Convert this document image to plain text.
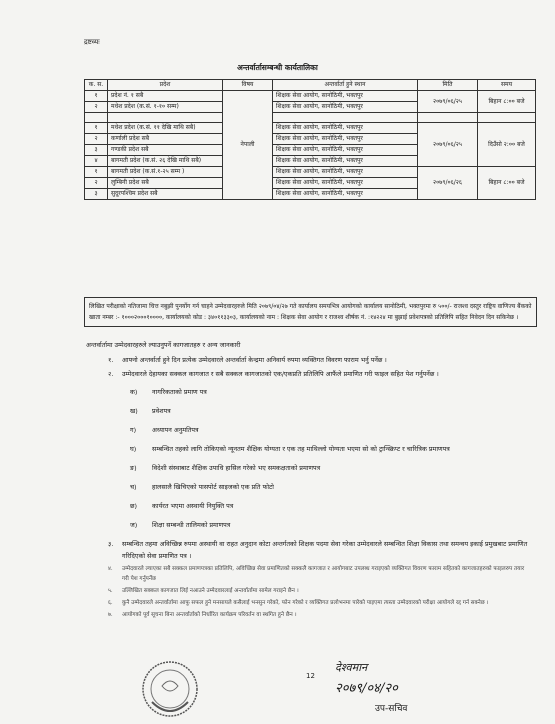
द्रष्टव्यः
अन्तर्वार्तासम्बन्धी कार्यतालिका
क. स.	प्रदेश	विषय	अन्तर्वार्ता हुने स्थान	मिति	समय
१	प्रदेश नं. १ सबै	नेपाली	शिक्षक सेवा आयोग, सानोठिमी, भक्तपुर	२०७९/०६/२५	बिहान ८:०० बजे
२	मधेश प्रदेश (क.सं. १-१० सम्म)		शिक्षक सेवा आयोग, सानोठिमी, भक्तपुर		

१	मधेश प्रदेश (क.सं. ११ देखि माथि सबै)		शिक्षक सेवा आयोग, सानोठिमी, भक्तपुर	२०७९/०६/२५	दिउँसो २:०० बजे
२	कर्णाली प्रदेश सबै		शिक्षक सेवा आयोग, सानोठिमी, भक्तपुर		
३	गण्डकी प्रदेश सबै		शिक्षक सेवा आयोग, सानोठिमी, भक्तपुर		
४	बागमती प्रदेश (क.सं. २६ देखि माथि सबै)		शिक्षक सेवा आयोग, सानोठिमी, भक्तपुर		
१	बागमती प्रदेश (क.सं.१-२५ सम्म )		शिक्षक सेवा आयोग, सानोठिमी, भक्तपुर	२०७९/०६/२६	बिहान ८:०० बजे
२	लुम्बिनी प्रदेश सबै		शिक्षक सेवा आयोग, सानोठिमी, भक्तपुर		
३	सुदूरपश्चिम प्रदेश सबै		शिक्षक सेवा आयोग, सानोठिमी, भक्तपुर		
लिखित परीक्षाको नतिजामा चित्त नबुझी पुनर्योग गर्न चाहने उम्मेदवारहरुले मिति २०७९/०४/२७ गते कार्यालय समयभित्र आयोगको कार्यालय सानोठिमी, भक्तपुरमा रु ५००/- राजश्व दस्तुर राष्ट्रिय वाणिज्य बैंकको खाता नम्बर :- १०००२०००१००००, कार्यालयको कोड : ३४०११३३०३, कार्यालयको नाम : शिक्षक सेवा आयोग र राजश्व शीर्षक नं. :१४२२४ मा बुझाई प्रवेशपत्रको प्रतिलिपि सहित निवेदन दिन सकिनेछ ।
अन्तर्वार्तामा उम्मेदवारहरुले ल्याउनुपर्ने कागजातहरु र अन्य जानकारी
१.	आफ्नो अन्तर्वार्ता हुने दिन प्रत्येक उम्मेदवारले अन्तर्वार्ता केन्द्रमा अनिवार्य रुपमा व्यक्तिगत विवरण फाराम भर्नु पर्नेछ ।
२.	उम्मेदवारले देहायका सक्कल कागजात र सबै सक्कल कागजातको एक/एकप्रति प्रतिलिपि आफैंले प्रमाणित गरी फाइल सहित पेश गर्नुपर्नेछ ।
क)	नागरिकताको प्रमाण पत्र
ख)	प्रवेशपत्र
ग)	अध्यापन अनुमतिपत्र
घ)	सम्बन्धित तहको लागि तोकिएको न्यूनतम शैक्षिक योग्यता र एक तह माथिल्लो योग्यता भएमा सो को ट्रान्स्क्रिप्ट र चारित्रिक प्रमाणपत्र
ङ)	विदेशी संस्थाबाट शैक्षिक उपाधि हासिल गरेको भए समकक्षताको प्रमाणपत्र
च)	हालसालै खिचिएको पासपोर्ट साइजको एक प्रति फोटो
छ)	कार्यरत भएमा अस्थायी नियुक्ति पत्र
ज)	शिक्षा सम्बन्धी तालिमको प्रमाणपत्र
३.	सम्बन्धित तहमा अविच्छिन्न रुपमा अस्थायी वा राहत अनुदान कोटा अन्तर्गतको शिक्षक पदमा सेवा गरेका उम्मेदवारले सम्बन्धित शिक्षा विकास तथा समन्वय इकाई प्रमुखबाट प्रमाणित गरिदिएको सेवा प्रमाणित पत्र ।
४.	उम्मेदवारले ल्याएका सबै सक्कल प्रमाणपत्रका प्रतिलिपि, अविच्छिन्न सेवा प्रमाणितको सक्कलै कागजात र आयोगबाट उपलब्ध गराइएको व्यक्तिगत विवरण फाराम सहितको कागजातहरुको फाइलरुप तयार गरी पेश गर्नुपर्नेछ
५.	उल्लिखित सक्कल कागजात लिई नआउने उम्मेदवारलाई अन्तर्वार्तामा सामेल गराइने छैन ।
६.	कुनै उम्मेदवारले अन्तर्वार्तामा आफू सफल हुने मनसायले कसैलाई भनसुन गरेको, फोन गरेको र व्यक्तिगत प्रलोभनमा पारेको पाइएमा त्यस्ता उम्मेदवारको परीक्षा आयोगले रद्द गर्न सक्नेछ ।
७.	आयोगको पूर्व सूचना बिना अन्तर्वार्ताको निर्धारित कार्यक्रम परिवर्तन वा स्थगित हुने छैन ।
12
देश्वमान
२०७९/०४/२०
उप-सचिव
